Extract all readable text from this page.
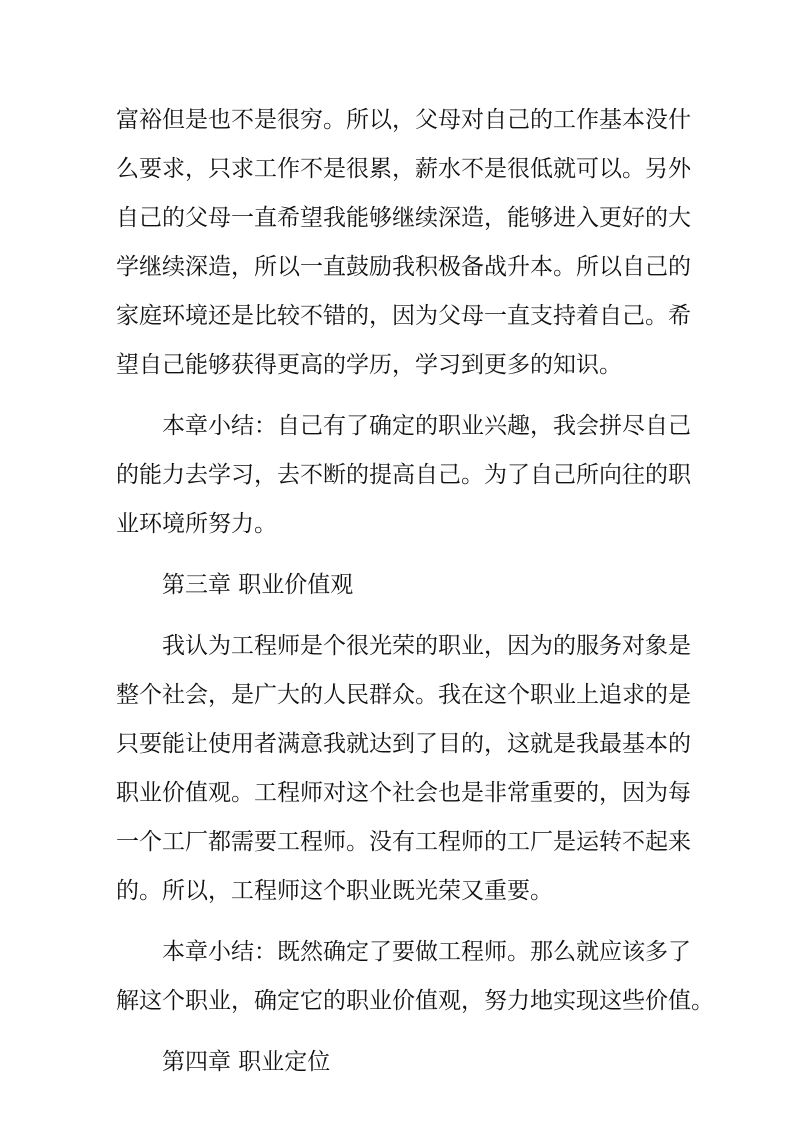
富裕但是也不是很穷。所以，父母对自己的工作基本没什
么要求，只求工作不是很累，薪水不是很低就可以。另外
自己的父母一直希望我能够继续深造，能够进入更好的大
学继续深造，所以一直鼓励我积极备战升本。所以自己的
家庭环境还是比较不错的，因为父母一直支持着自己。希
望自己能够获得更高的学历，学习到更多的知识。
本章小结：自己有了确定的职业兴趣，我会拼尽自己
的能力去学习，去不断的提高自己。为了自己所向往的职
业环境所努力。
第三章 职业价值观
我认为工程师是个很光荣的职业，因为的服务对象是
整个社会，是广大的人民群众。我在这个职业上追求的是
只要能让使用者满意我就达到了目的，这就是我最基本的
职业价值观。工程师对这个社会也是非常重要的，因为每
一个工厂都需要工程师。没有工程师的工厂是运转不起来
的。所以，工程师这个职业既光荣又重要。
本章小结：既然确定了要做工程师。那么就应该多了
解这个职业，确定它的职业价值观，努力地实现这些价值。
第四章 职业定位
